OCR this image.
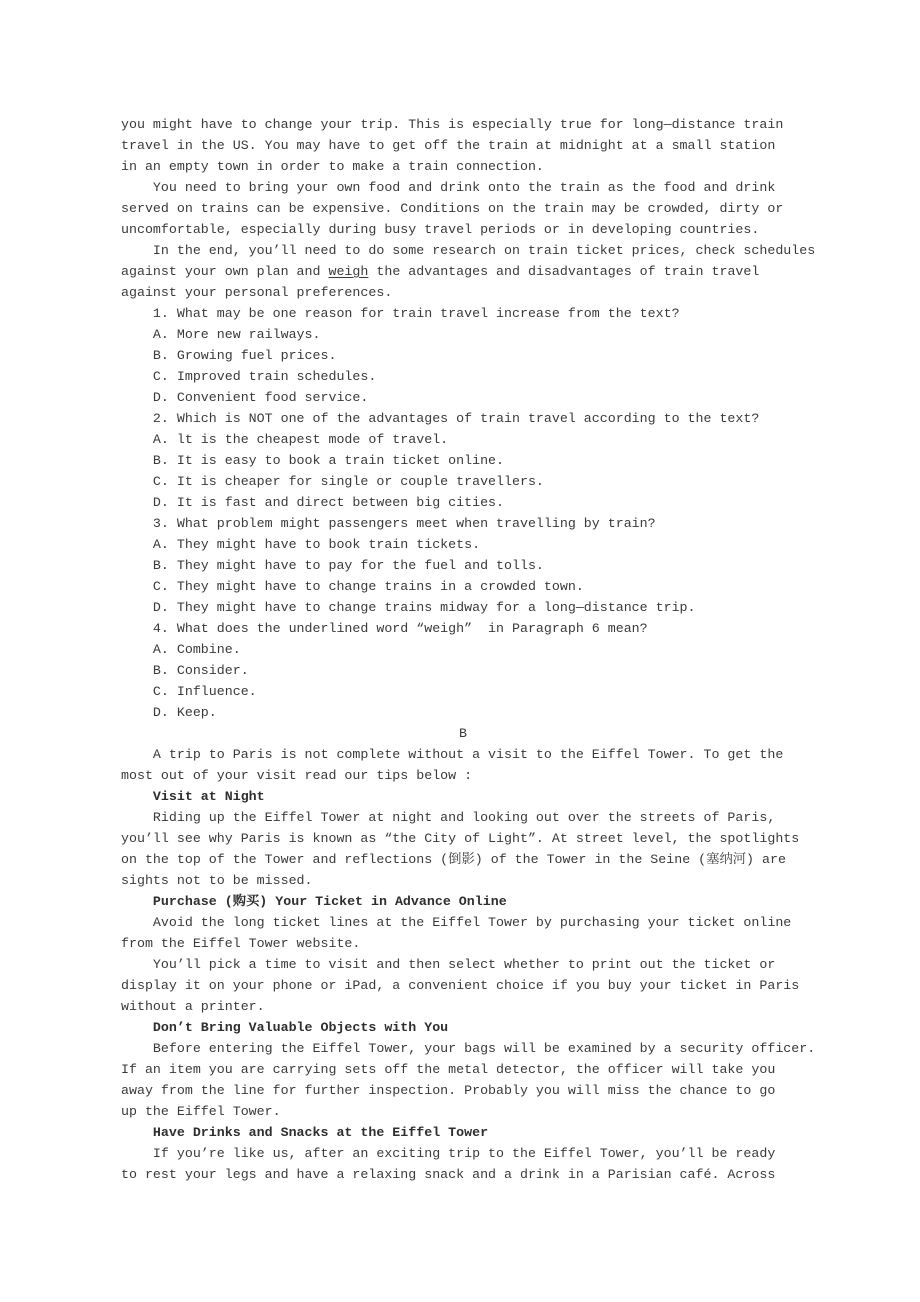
you might have to change your trip. This is especially true for long—distance train
travel in the US. You may have to get off the train at midnight at a small station
in an empty town in order to make a train connection.
You need to bring your own food and drink onto the train as the food and drink
served on trains can be expensive. Conditions on the train may be crowded, dirty or
uncomfortable, especially during busy travel periods or in developing countries.
In the end, you’ll need to do some research on train ticket prices, check schedules
against your own plan and weigh the advantages and disadvantages of train travel
against your personal preferences.
1. What may be one reason for train travel increase from the text?
A. More new railways.
B. Growing fuel prices.
C. Improved train schedules.
D. Convenient food service.
2. Which is NOT one of the advantages of train travel according to the text?
A. lt is the cheapest mode of travel.
B. It is easy to book a train ticket online.
C. It is cheaper for single or couple travellers.
D. It is fast and direct between big cities.
3. What problem might passengers meet when travelling by train?
A. They might have to book train tickets.
B. They might have to pay for the fuel and tolls.
C. They might have to change trains in a crowded town.
D. They might have to change trains midway for a long—distance trip.
4. What does the underlined word “weigh”  in Paragraph 6 mean?
A. Combine.
B. Consider.
C. Influence.
D. Keep.
B
A trip to Paris is not complete without a visit to the Eiffel Tower. To get the
most out of your visit read our tips below :
Visit at Night
Riding up the Eiffel Tower at night and looking out over the streets of Paris,
you’ll see why Paris is known as “the City of Light”. At street level, the spotlights
on the top of the Tower and reflections (倒影) of the Tower in the Seine (塞纳河) are
sights not to be missed.
Purchase (购买) Your Ticket in Advance Online
Avoid the long ticket lines at the Eiffel Tower by purchasing your ticket online
from the Eiffel Tower website.
You’ll pick a time to visit and then select whether to print out the ticket or
display it on your phone or iPad, a convenient choice if you buy your ticket in Paris
without a printer.
Don’t Bring Valuable Objects with You
Before entering the Eiffel Tower, your bags will be examined by a security officer.
If an item you are carrying sets off the metal detector, the officer will take you
away from the line for further inspection. Probably you will miss the chance to go
up the Eiffel Tower.
Have Drinks and Snacks at the Eiffel Tower
If you’re like us, after an exciting trip to the Eiffel Tower, you’ll be ready
to rest your legs and have a relaxing snack and a drink in a Parisian café. Across
